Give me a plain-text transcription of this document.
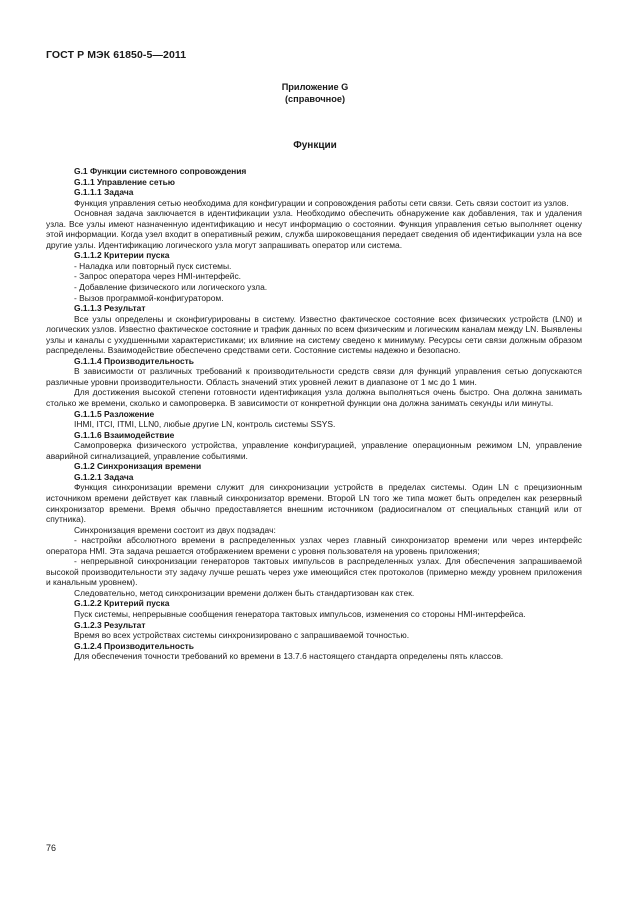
ГОСТ Р МЭК 61850-5—2011
Приложение G
(справочное)
Функции
G.1 Функции системного сопровождения
G.1.1 Управление сетью
G.1.1.1 Задача
Функция управления сетью необходима для конфигурации и сопровождения работы сети связи. Сеть связи состоит из узлов.
Основная задача заключается в идентификации узла. Необходимо обеспечить обнаружение как добавления, так и удаления узла. Все узлы имеют назначенную идентификацию и несут информацию о состоянии. Функция управления сетью выполняет оценку этой информации. Когда узел входит в оперативный режим, служба широковещания передает сведения об идентификации узла на все другие узлы. Идентификацию логического узла могут запрашивать оператор или система.
G.1.1.2 Критерии пуска
- Наладка или повторный пуск системы.
- Запрос оператора через HMI-интерфейс.
- Добавление физического или логического узла.
- Вызов программой-конфигуратором.
G.1.1.3 Результат
Все узлы определены и сконфигурированы в систему. Известно фактическое состояние всех физических устройств (LN0) и логических узлов. Известно фактическое состояние и трафик данных по всем физическим и логическим каналам между LN. Выявлены узлы и каналы с ухудшенными характеристиками; их влияние на систему сведено к минимуму. Ресурсы сети связи должным образом распределены. Взаимодействие обеспечено средствами сети. Состояние системы надежно и безопасно.
G.1.1.4 Производительность
В зависимости от различных требований к производительности средств связи для функций управления сетью допускаются различные уровни производительности. Область значений этих уровней лежит в диапазоне от 1 мс до 1 мин.
Для достижения высокой степени готовности идентификация узла должна выполняться очень быстро. Она должна занимать столько же времени, сколько и самопроверка. В зависимости от конкретной функции она должна занимать секунды или минуты.
G.1.1.5 Разложение
IHMI, ITCI, ITMI, LLN0, любые другие LN, контроль системы SSYS.
G.1.1.6 Взаимодействие
Самопроверка физического устройства, управление конфигурацией, управление операционным режимом LN, управление аварийной сигнализацией, управление событиями.
G.1.2 Синхронизация времени
G.1.2.1 Задача
Функция синхронизации времени служит для синхронизации устройств в пределах системы. Один LN с прецизионным источником времени действует как главный синхронизатор времени. Второй LN того же типа может быть определен как резервный синхронизатор времени. Время обычно предоставляется внешним источником (радиосигналом от специальных станций или от спутника).
Синхронизация времени состоит из двух подзадач:
- настройки абсолютного времени в распределенных узлах через главный синхронизатор времени или через интерфейс оператора HMI. Эта задача решается отображением времени с уровня пользователя на уровень приложения;
- непрерывной синхронизации генераторов тактовых импульсов в распределенных узлах. Для обеспечения запрашиваемой высокой производительности эту задачу лучше решать через уже имеющийся стек протоколов (примерно между уровнем приложения и канальным уровнем).
Следовательно, метод синхронизации времени должен быть стандартизован как стек.
G.1.2.2 Критерий пуска
Пуск системы, непрерывные сообщения генератора тактовых импульсов, изменения со стороны HMI-интерфейса.
G.1.2.3 Результат
Время во всех устройствах системы синхронизировано с запрашиваемой точностью.
G.1.2.4 Производительность
Для обеспечения точности требований ко времени в 13.7.6 настоящего стандарта определены пять классов.
76
